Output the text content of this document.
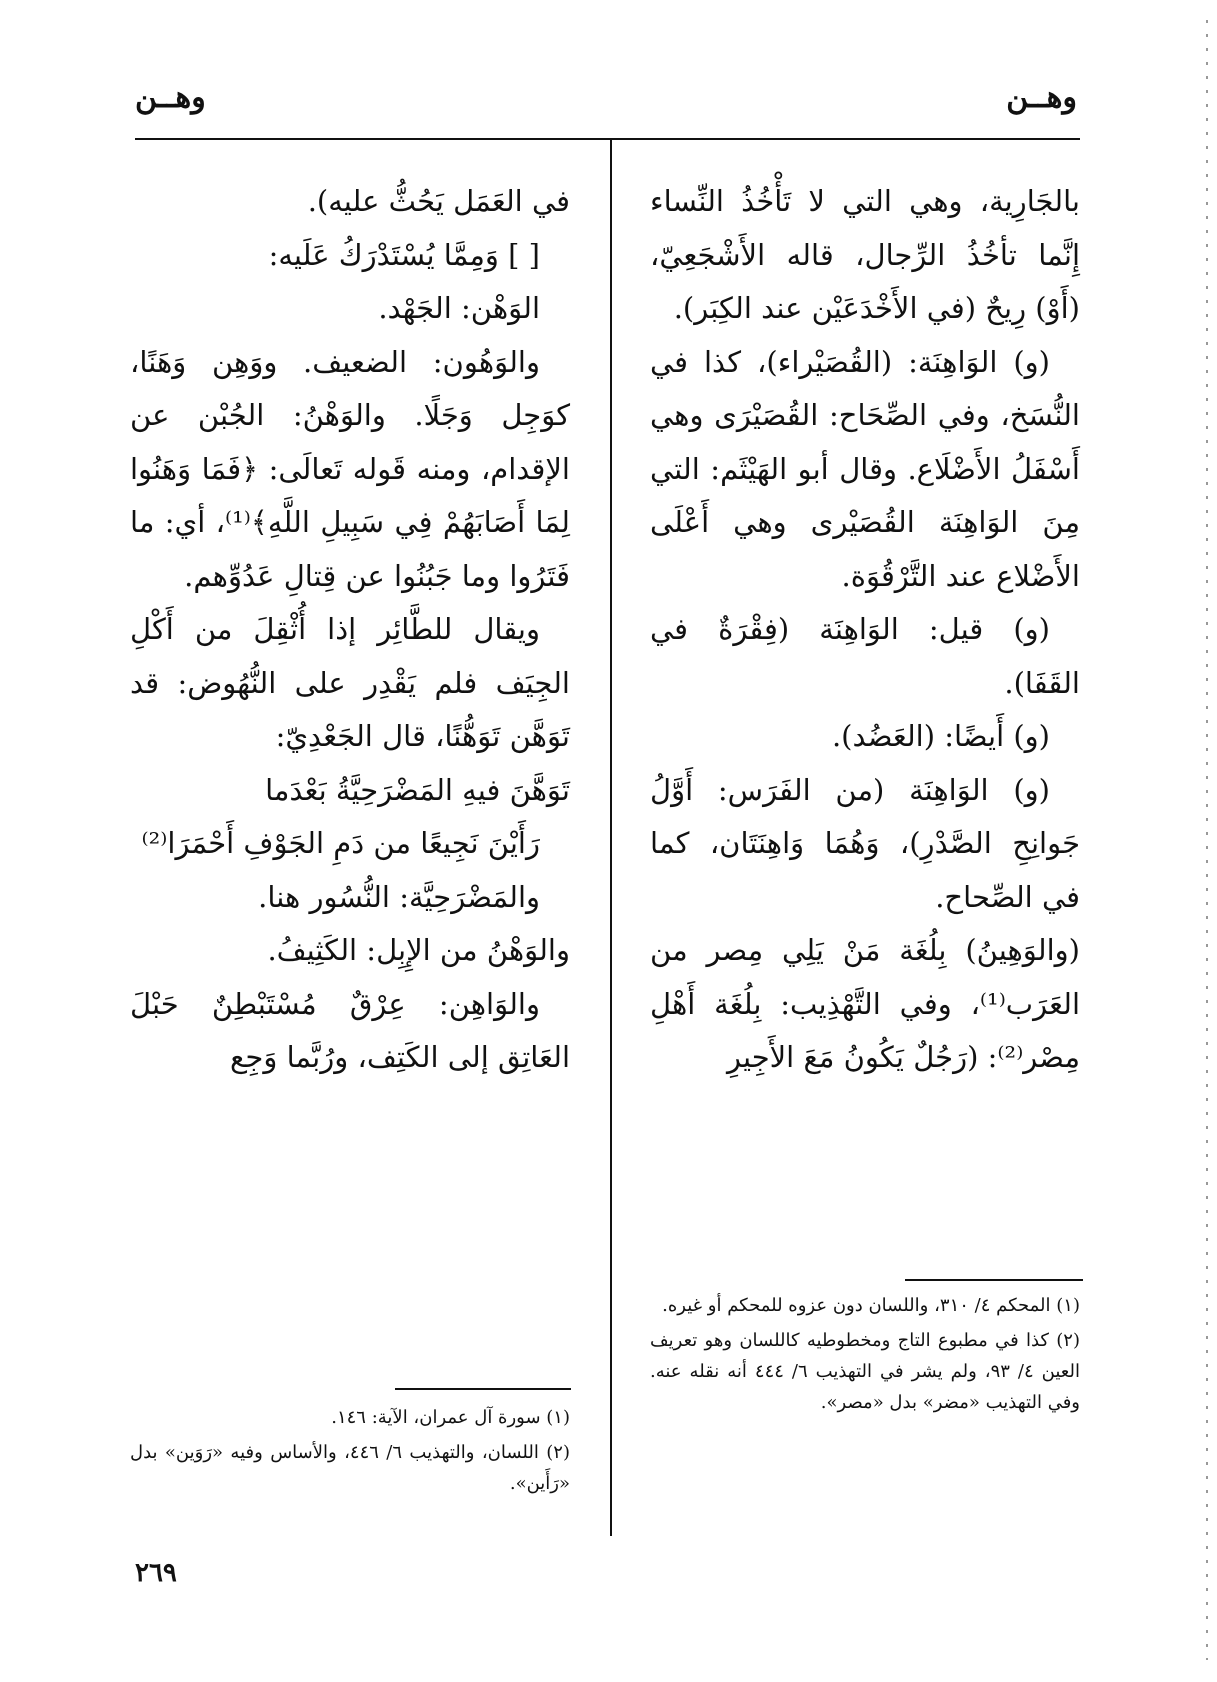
وهــن
وهــن

بالجَارِية، وهي التي لا تَأْخُذُ النِّساء إِنَّما تأخُذُ الرِّجال، قاله الأَشْجَعِيّ، (أَوْ) رِيحٌ (في الأَخْدَعَيْن عند الكِبَر).

(و) الوَاهِنَة: (القُصَيْراء)، كذا في النُّسَخ، وفي الصِّحَاح: القُصَيْرَى وهي أَسْفَلُ الأَضْلَاع. وقال أبو الهَيْثَم: التي مِنَ الوَاهِنَة القُصَيْرى وهي أَعْلَى الأَضْلاع عند التَّرْقُوَة.

(و) قيل: الوَاهِنَة (فِقْرَةٌ في القَفَا).

(و) أَيضًا: (العَضُد).

(و) الوَاهِنَة (من الفَرَس: أَوَّلُ جَوانِحِ الصَّدْرِ)، وَهُمَا وَاهِنَتَان، كما في الصِّحاح.

(والوَهِينُ) بِلُغَة مَنْ يَلِي مِصر من العَرَب⁽¹⁾، وفي التَّهْذِيب: بِلُغَة أَهْلِ مِصْر⁽²⁾: (رَجُلٌ يَكُونُ مَعَ الأَجِيرِ

(١) المحكم ٤/ ٣١٠، واللسان دون عزوه للمحكم أو غيره.

(٢) كذا في مطبوع التاج ومخطوطيه كاللسان وهو تعريف العين ٤/ ٩٣، ولم يشر في التهذيب ٦/ ٤٤٤ أنه نقله عنه. وفي التهذيب «مضر» بدل «مصر».

في العَمَل يَحُثُّ عليه).

[ ] وَمِمَّا يُسْتَدْرَكُ عَلَيه:

الوَهْن: الجَهْد.

والوَهُون: الضعيف. ووَهِن وَهَنًا، كوَجِل وَجَلًا. والوَهْنُ: الجُبْن عن الإقدام، ومنه قَوله تَعالَى: ﴿فَمَا وَهَنُوا لِمَا أَصَابَهُمْ فِي سَبِيلِ اللَّهِ﴾⁽¹⁾، أي: ما فَتَرُوا وما جَبُنُوا عن قِتالِ عَدُوِّهم.

ويقال للطَّائِر إذا أُثْقِلَ من أَكْلِ الجِيَف فلم يَقْدِر على النُّهُوض: قد تَوَهَّن تَوَهُّنًا، قال الجَعْدِيّ:

تَوَهَّنَ فيهِ المَضْرَحِيَّةُ بَعْدَما

رَأَيْنَ نَجِيعًا من دَمِ الجَوْفِ أَحْمَرَا⁽²⁾

والمَضْرَحِيَّة: النُّسُور هنا.

والوَهْنُ من الإِبِل: الكَثِيفُ.

والوَاهِن: عِرْقٌ مُسْتَبْطِنٌ حَبْلَ العَاتِق إلى الكَتِف، ورُبَّما وَجِع

(١) سورة آل عمران، الآية: ١٤٦.

(٢) اللسان، والتهذيب ٦/ ٤٤٦، والأساس وفيه «رَوَين» بدل «رَأَين».

٢٦٩
